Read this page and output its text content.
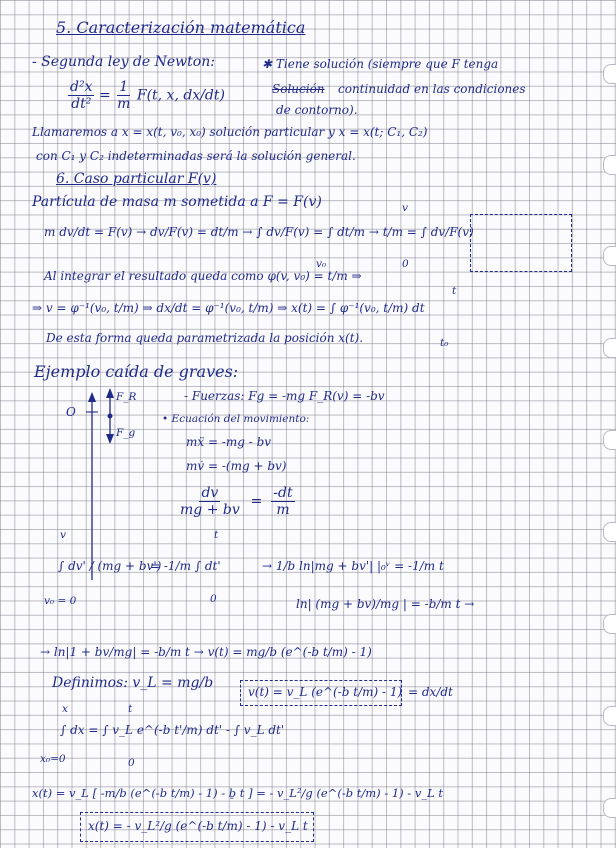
5. Caracterización matemática
- Segunda ley de Newton:
$\frac{\text{d²x}}{\text{dt²}} = \frac{1}{m} F(t$, x, dx/dt)
✱ Tiene solución (siempre que F tenga
Solución continuidad en las condiciones
de contorno).
Llamaremos a x = x(t, v₀, x₀) solución particular y x = x(t; C₁, C₂)
con C₁ y C₂ indeterminadas será la solución general.
6. Caso particular F(v)
Partícula de masa m sometida a F = F(v)
m dv/dt = F(v) → dv/F(v) = dt/m → ∫ dv/F(v) = ∫ dt/m → t/m = ∫ dv/F(v)
v
v₀	0
Al integrar el resultado queda como φ(v, v₀) = t/m ⇒
⇒ v = φ⁻¹(v₀, t/m) ⇒ dx/dt = φ⁻¹(v₀, t/m) ⇒ x(t) = ∫ φ⁻¹(v₀, t/m) dt
t
t₀
De esta forma queda parametrizada la posición x(t).
Ejemplo caída de graves:
F_R
F_g
O
- Fuerzas: Fg = -mg F_R(v) = -bv
• Ecuación del movimiento:
mẍ = -mg - bv
mv̇ = -(mg + bv)
$\frac{dv}{mg + bv} = \frac{-dt}{m}$
∫ dv' / (mg + bv')
v
v₀ = 0
= -1/m ∫ dt'
t
0
→ 1/b ln|mg + bv'| |₀ᵛ = -1/m t
ln| (mg + bv)/mg | = -b/m t →
→ ln|1 + bv/mg| = -b/m t → v(t) = mg/b (e^(-b t/m) - 1)
Definimos: v_L = mg/b
v(t) = v_L (e^(-b t/m) - 1) = dx/dt
∫ dx = ∫ v_L e^(-b t'/m) dt' - ∫ v_L dt'
x
x₀=0
t
0
x(t) = v_L [ -m/b (e^(-b t/m) - 1) - ḇ t ] = - v_L²/g (e^(-b t/m) - 1) - v_L t
x(t) = - v_L²/g (e^(-b t/m) - 1) - v_L t
